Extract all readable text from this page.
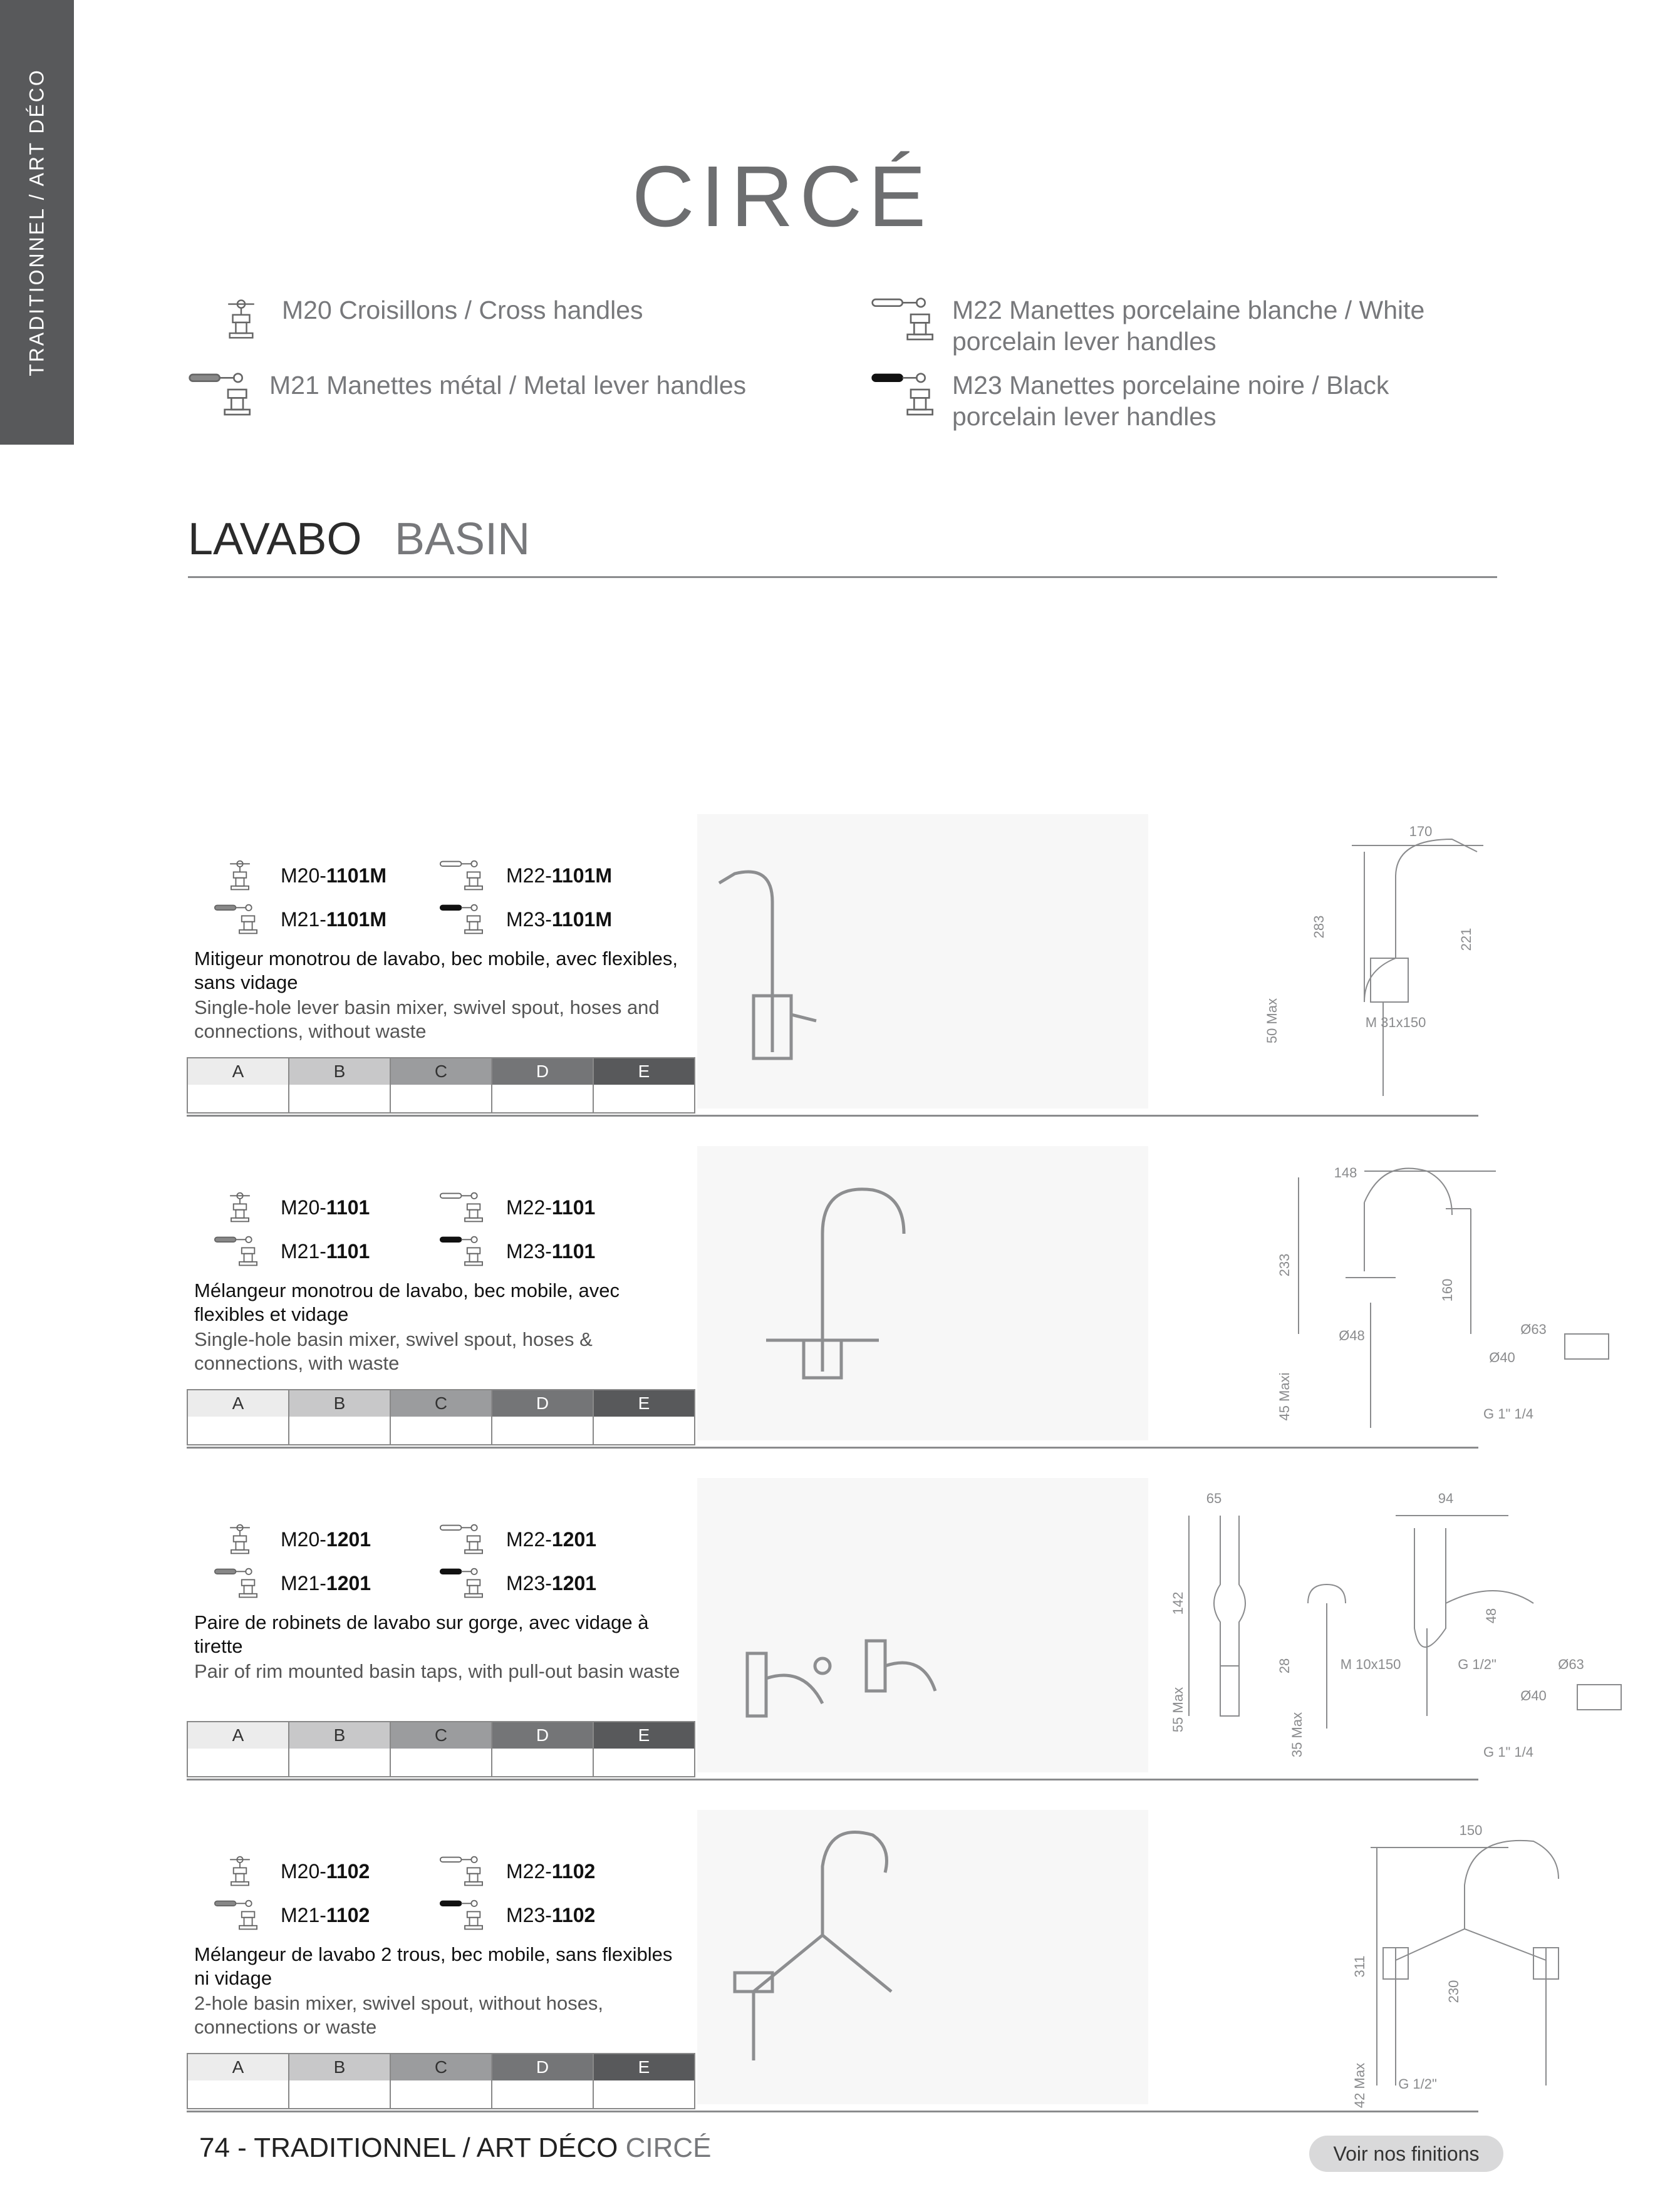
TRADITIONNEL / ART DÉCO	CIRCÉ
M20 Croisillons / Cross handles
M21 Manettes métal / Metal lever handles
M22 Manettes porcelaine blanche / White porcelain lever handles
M23 Manettes porcelaine noire / Black porcelain lever handles
LAVABO BASIN
M20- 1101M	M22- 1101M
M21- 1101M	M23- 1101M
Mitigeur monotrou de lavabo, bec mobile, avec flexibles, sans vidage
Single-hole lever basin mixer, swivel spout, hoses and connections, without waste
A	B	C	D	E
170
283
221
50 Max	M 31x150
M20- 1101	M22- 1101
M21- 1101	M23- 1101
Mélangeur monotrou de lavabo, bec mobile, avec flexibles et vidage
Single-hole basin mixer, swivel spout, hoses & connections, with waste
A	B	C	D	E
148
233
160
Ø48
45 Maxi
Ø63
Ø40
G 1" 1/4
M20- 1201	M22- 1201
M21- 1201	M23- 1201
Paire de robinets de lavabo sur gorge, avec vidage à tirette
Pair of rim mounted basin taps, with pull-out basin waste
A	B	C	D	E
65
142
55 Max
28
35 Max
M 10x150
94
48
G 1/2"	Ø63
Ø40
G 1" 1/4
M20- 1102	M22- 1102
M21- 1102	M23- 1102
Mélangeur de lavabo 2 trous, bec mobile, sans flexibles ni vidage
2-hole basin mixer, swivel spout, without hoses, connections or waste
A	B	C	D	E
150
311
230
42 Max G 1/2"
74 - TRADITIONNEL / ART DÉCO CIRCÉ	Voir nos finitions
